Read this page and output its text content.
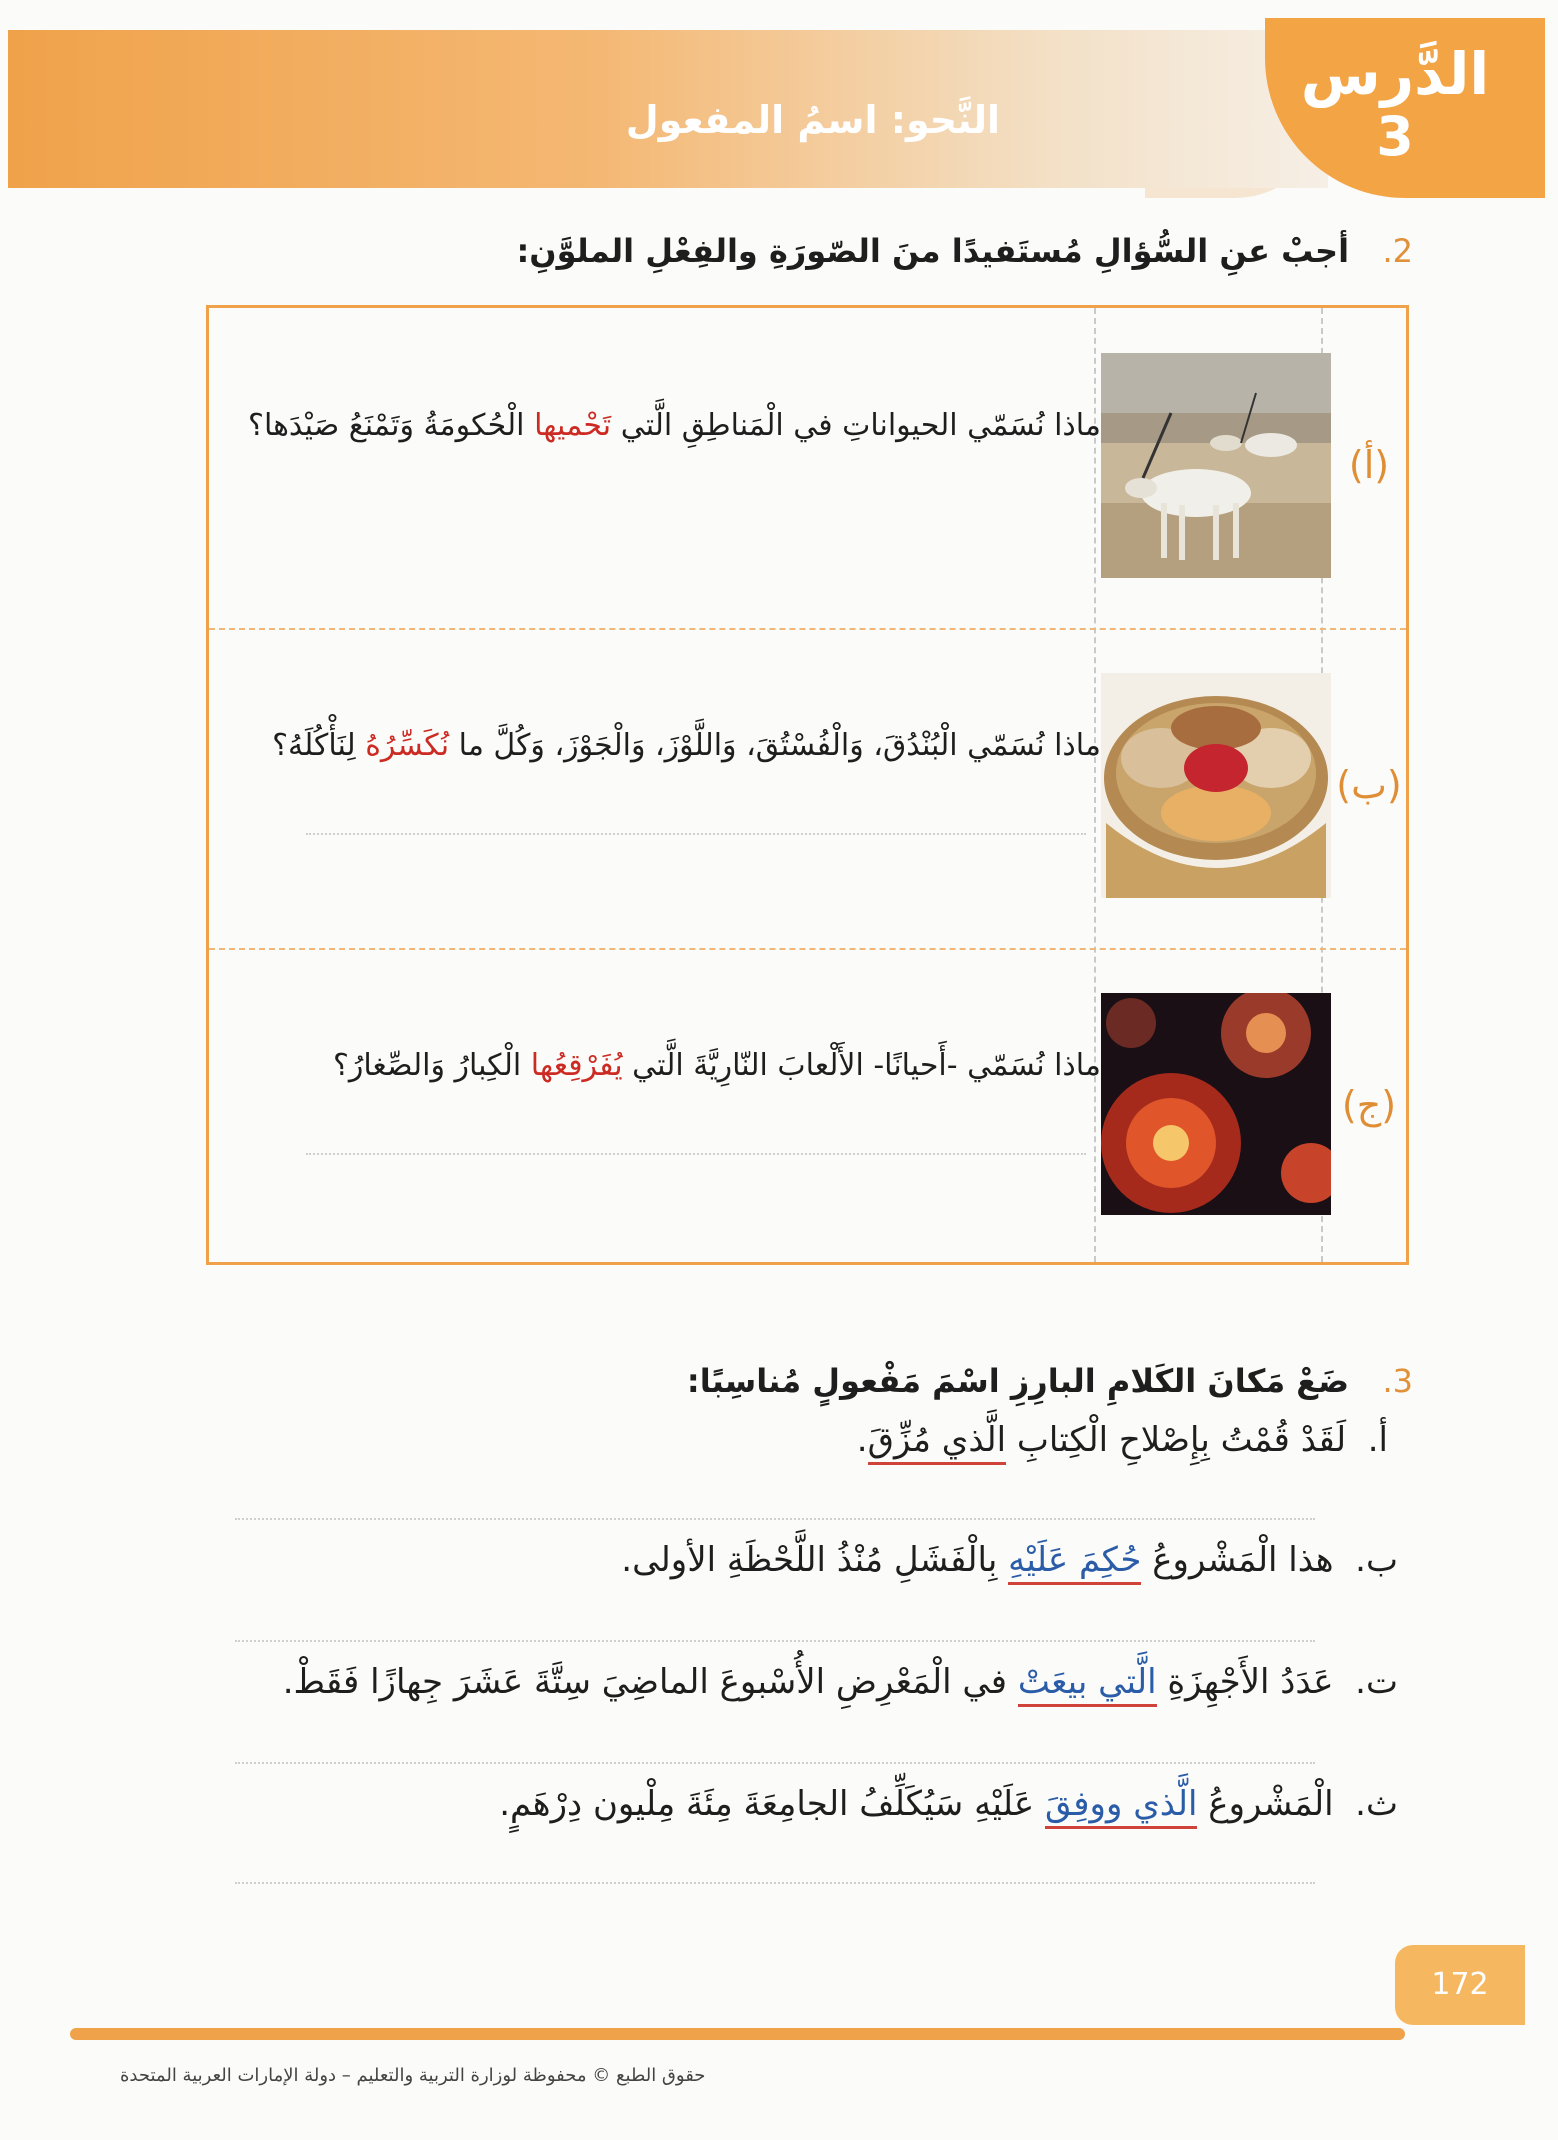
الدَّرس
3
النَّحو: اسمُ المفعول
2.   أجبْ عنِ السُّؤالِ مُستَفيدًا منَ الصّورَةِ والفِعْلِ الملوَّنِ:
(أ)
ماذا نُسَمّي الحيواناتِ في الْمَناطِقِ الَّتي تَحْميها الْحُكومَةُ وَتَمْنَعُ صَيْدَها؟
(ب)
ماذا نُسَمّي الْبُنْدُقَ، وَالْفُسْتُقَ، وَاللَّوْزَ، وَالْجَوْزَ، وَكُلَّ ما نُكَسِّرُهُ لِنَأْكُلَهُ؟
(ج)
ماذا نُسَمّي -أَحيانًا- الأَلْعابَ النّارِيَّةَ الَّتي يُفَرْقِعُها الْكِبارُ وَالصِّغارُ؟
3.   ضَعْ مَكانَ الكَلامِ البارِزِ اسْمَ مَفْعولٍ مُناسِبًا:
أ.  لَقَدْ قُمْتُ بِإِصْلاحِ الْكِتابِ الَّذي مُزِّقَ.
ب.  هذا الْمَشْروعُ حُكِمَ عَلَيْهِ بِالْفَشَلِ مُنْذُ اللَّحْظَةِ الأولى.
ت.  عَدَدُ الأَجْهِزَةِ الَّتي بيعَتْ في الْمَعْرِضِ الأُسْبوعَ الماضِيَ سِتَّةَ عَشَرَ جِهازًا فَقَطْ.
ث.  الْمَشْروعُ الَّذي ووفِقَ عَلَيْهِ سَيُكَلِّفُ الجامِعَةَ مِئَةَ مِلْيون دِرْهَمٍ.
172
حقوق الطبع © محفوظة لوزارة التربية والتعليم – دولة الإمارات العربية المتحدة
